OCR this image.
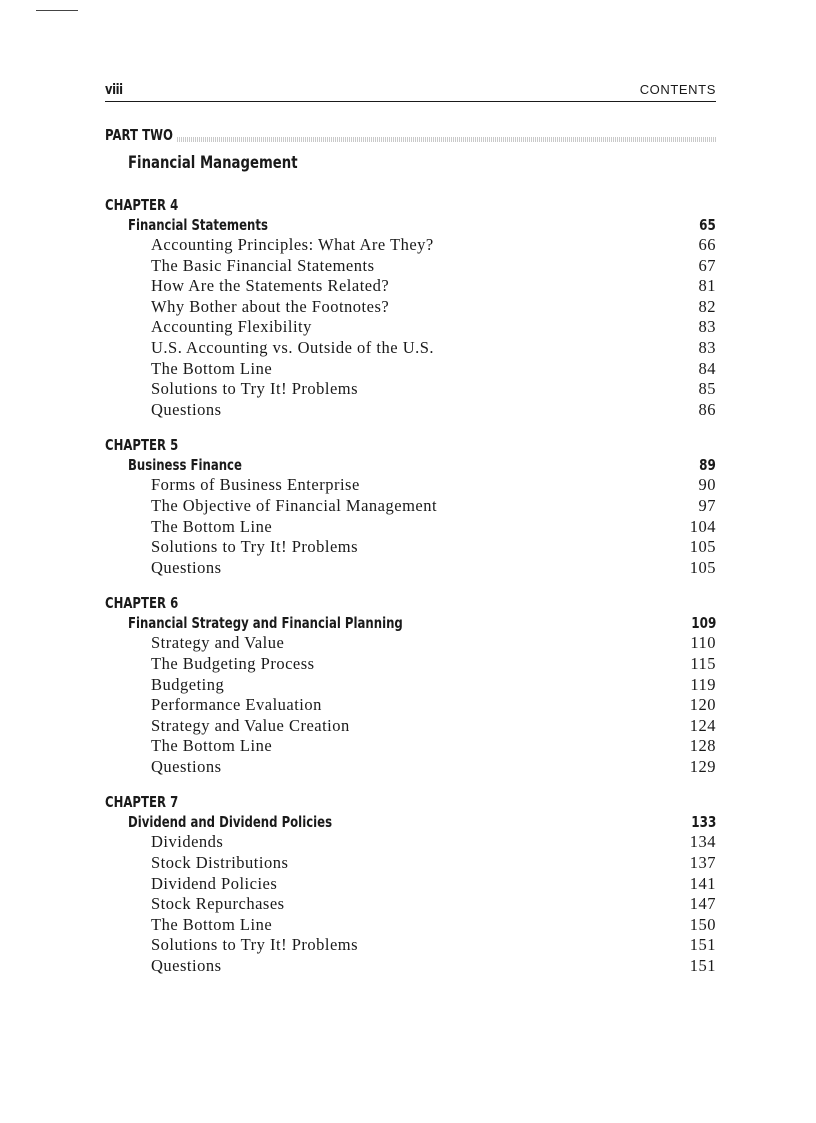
viii	CONTENTS
PART TWO
Financial Management
CHAPTER 4
Financial Statements	65
Accounting Principles: What Are They?	66
The Basic Financial Statements	67
How Are the Statements Related?	81
Why Bother about the Footnotes?	82
Accounting Flexibility	83
U.S. Accounting vs. Outside of the U.S.	83
The Bottom Line	84
Solutions to Try It! Problems	85
Questions	86
CHAPTER 5
Business Finance	89
Forms of Business Enterprise	90
The Objective of Financial Management	97
The Bottom Line	104
Solutions to Try It! Problems	105
Questions	105
CHAPTER 6
Financial Strategy and Financial Planning	109
Strategy and Value	110
The Budgeting Process	115
Budgeting	119
Performance Evaluation	120
Strategy and Value Creation	124
The Bottom Line	128
Questions	129
CHAPTER 7
Dividend and Dividend Policies	133
Dividends	134
Stock Distributions	137
Dividend Policies	141
Stock Repurchases	147
The Bottom Line	150
Solutions to Try It! Problems	151
Questions	151
